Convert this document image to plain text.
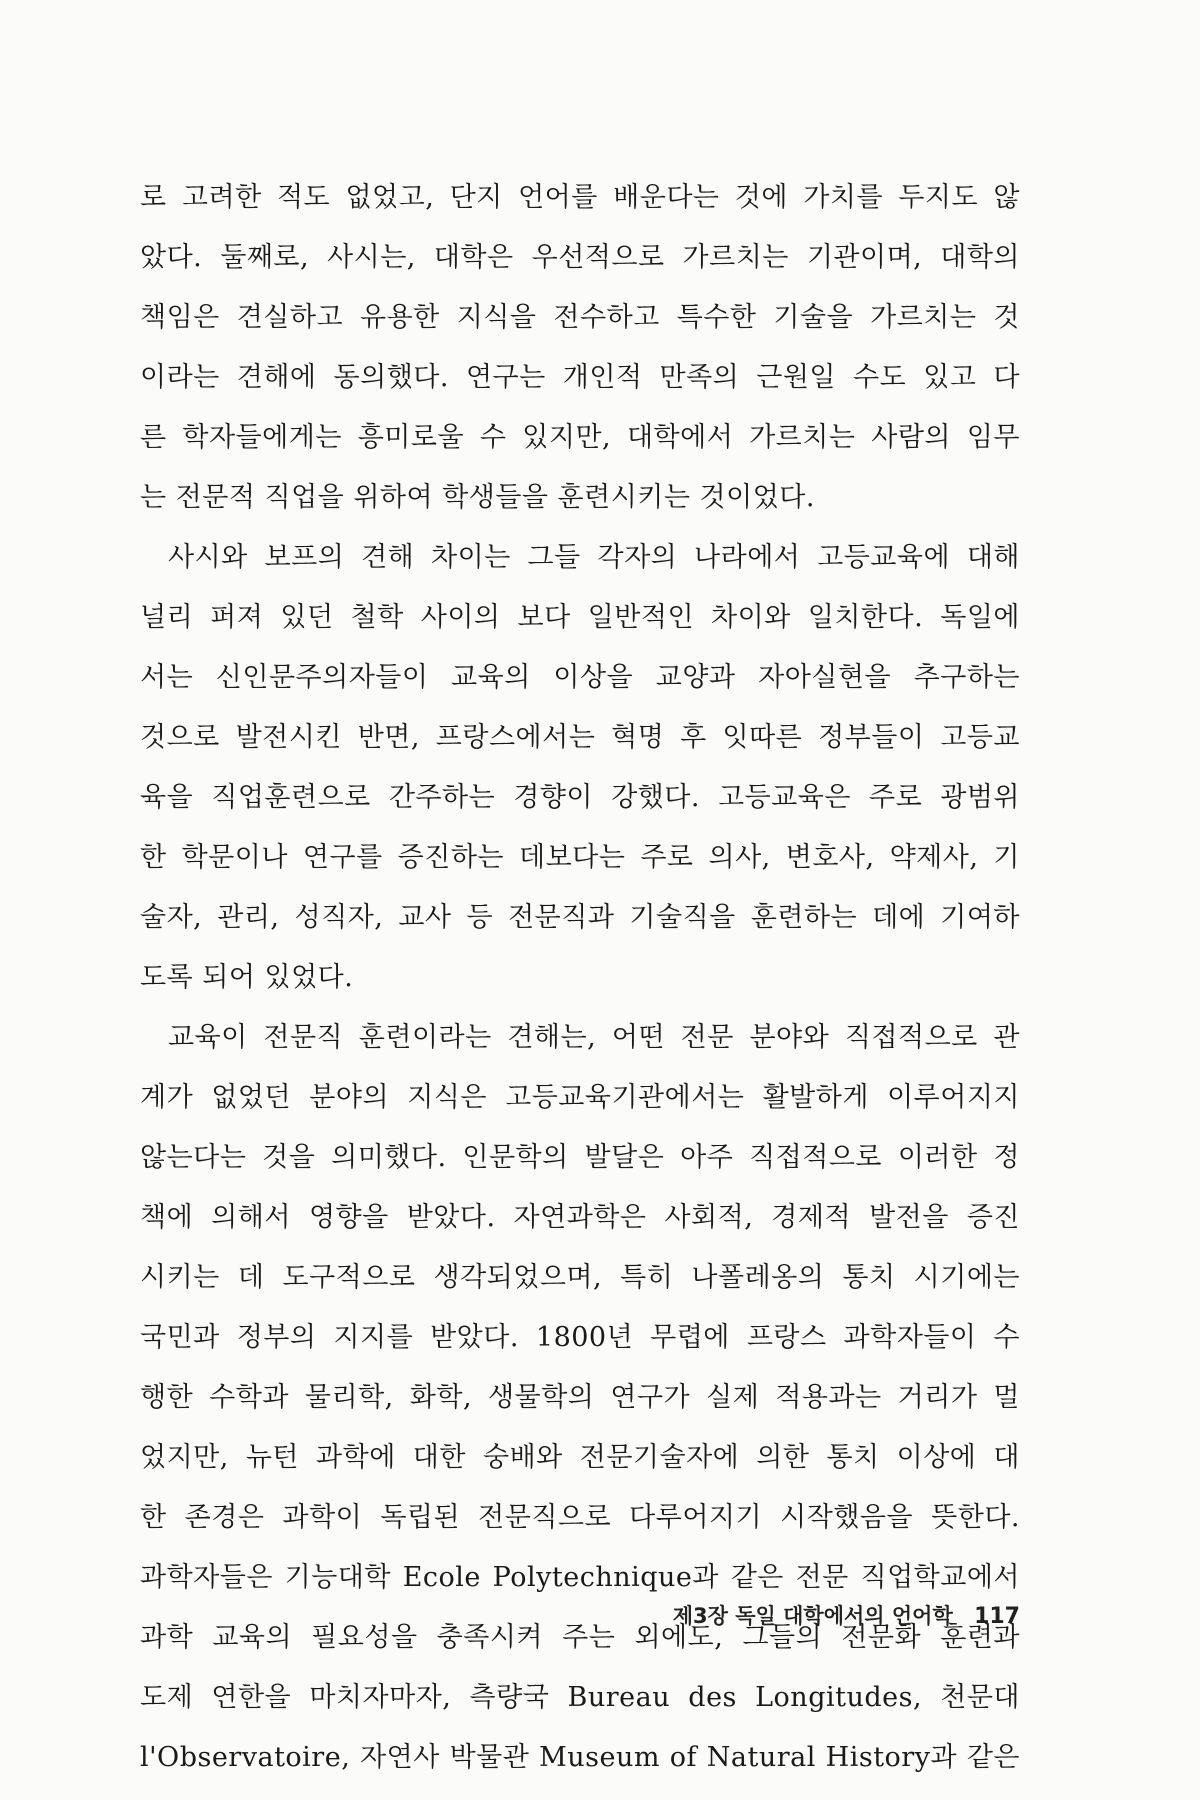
로 고려한 적도 없었고, 단지 언어를 배운다는 것에 가치를 두지도 않
았다. 둘째로, 사시는, 대학은 우선적으로 가르치는 기관이며, 대학의
책임은 견실하고 유용한 지식을 전수하고 특수한 기술을 가르치는 것
이라는 견해에 동의했다. 연구는 개인적 만족의 근원일 수도 있고 다
른 학자들에게는 흥미로울 수 있지만, 대학에서 가르치는 사람의 임무
는 전문적 직업을 위하여 학생들을 훈련시키는 것이었다.
사시와 보프의 견해 차이는 그들 각자의 나라에서 고등교육에 대해
널리 퍼져 있던 철학 사이의 보다 일반적인 차이와 일치한다. 독일에
서는 신인문주의자들이 교육의 이상을 교양과 자아실현을 추구하는
것으로 발전시킨 반면, 프랑스에서는 혁명 후 잇따른 정부들이 고등교
육을 직업훈련으로 간주하는 경향이 강했다. 고등교육은 주로 광범위
한 학문이나 연구를 증진하는 데보다는 주로 의사, 변호사, 약제사, 기
술자, 관리, 성직자, 교사 등 전문직과 기술직을 훈련하는 데에 기여하
도록 되어 있었다.
교육이 전문직 훈련이라는 견해는, 어떤 전문 분야와 직접적으로 관
계가 없었던 분야의 지식은 고등교육기관에서는 활발하게 이루어지지
않는다는 것을 의미했다. 인문학의 발달은 아주 직접적으로 이러한 정
책에 의해서 영향을 받았다. 자연과학은 사회적, 경제적 발전을 증진
시키는 데 도구적으로 생각되었으며, 특히 나폴레옹의 통치 시기에는
국민과 정부의 지지를 받았다. 1800년 무렵에 프랑스 과학자들이 수
행한 수학과 물리학, 화학, 생물학의 연구가 실제 적용과는 거리가 멀
었지만, 뉴턴 과학에 대한 숭배와 전문기술자에 의한 통치 이상에 대
한 존경은 과학이 독립된 전문직으로 다루어지기 시작했음을 뜻한다.
과학자들은 기능대학 Ecole Polytechnique과 같은 전문 직업학교에서
과학 교육의 필요성을 충족시켜 주는 외에도, 그들의 전문화 훈련과
도제 연한을 마치자마자, 측량국 Bureau des Longitudes, 천문대
l'Observatoire, 자연사 박물관 Museum of Natural History과 같은
제3장 독일 대학에서의 언어학 117
